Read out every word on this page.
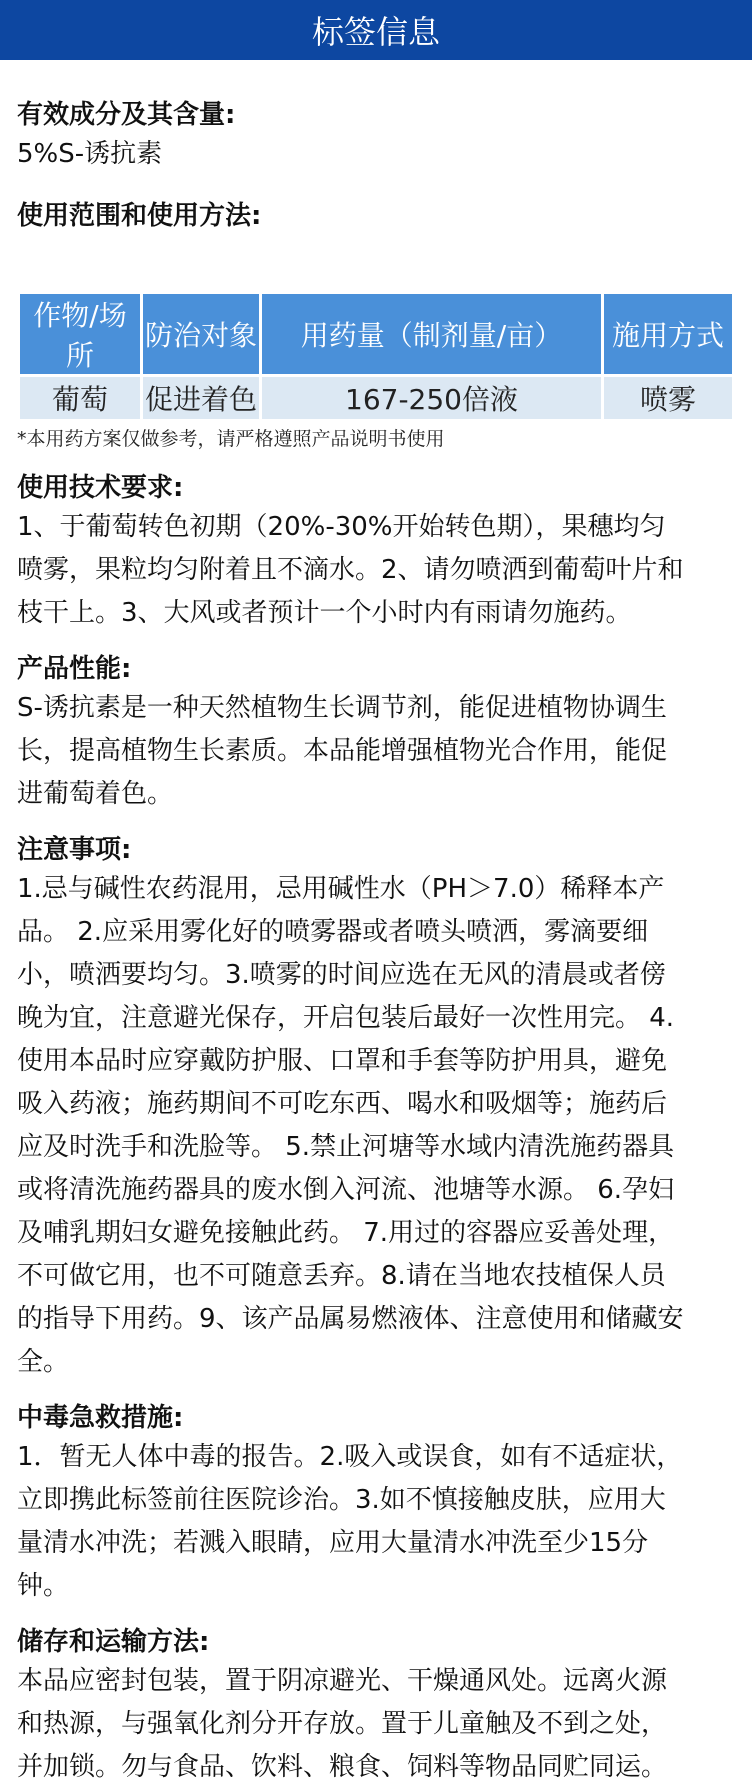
标签信息

有效成分及其含量:

5%S-诱抗素

使用范围和使用方法:

作物/场所	防治对象	用药量（制剂量/亩）	施用方式
葡萄	促进着色	167-250倍液	喷雾

*本用药方案仅做参考，请严格遵照产品说明书使用

使用技术要求:

1、于葡萄转色初期（20%-30%开始转色期），果穗均匀

喷雾，果粒均匀附着且不滴水。2、请勿喷洒到葡萄叶片和

枝干上。3、大风或者预计一个小时内有雨请勿施药。

产品性能:

S-诱抗素是一种天然植物生长调节剂，能促进植物协调生

长，提高植物生长素质。本品能增强植物光合作用，能促

进葡萄着色。

注意事项:

1.忌与碱性农药混用，忌用碱性水（PH＞7.0）稀释本产

品。 2.应采用雾化好的喷雾器或者喷头喷洒，雾滴要细

小，喷洒要均匀。3.喷雾的时间应选在无风的清晨或者傍

晚为宜，注意避光保存，开启包装后最好一次性用完。 4.

使用本品时应穿戴防护服、口罩和手套等防护用具，避免

吸入药液；施药期间不可吃东西、喝水和吸烟等；施药后

应及时洗手和洗脸等。 5.禁止河塘等水域内清洗施药器具

或将清洗施药器具的废水倒入河流、池塘等水源。 6.孕妇

及哺乳期妇女避免接触此药。 7.用过的容器应妥善处理，

不可做它用，也不可随意丢弃。8.请在当地农技植保人员

的指导下用药。9、该产品属易燃液体、注意使用和储藏安

全。

中毒急救措施:

1．暂无人体中毒的报告。2.吸入或误食，如有不适症状，

立即携此标签前往医院诊治。3.如不慎接触皮肤，应用大

量清水冲洗；若溅入眼睛，应用大量清水冲洗至少15分

钟。

储存和运输方法:

本品应密封包装，置于阴凉避光、干燥通风处。远离火源

和热源，与强氧化剂分开存放。置于儿童触及不到之处，

并加锁。勿与食品、饮料、粮食、饲料等物品同贮同运。
